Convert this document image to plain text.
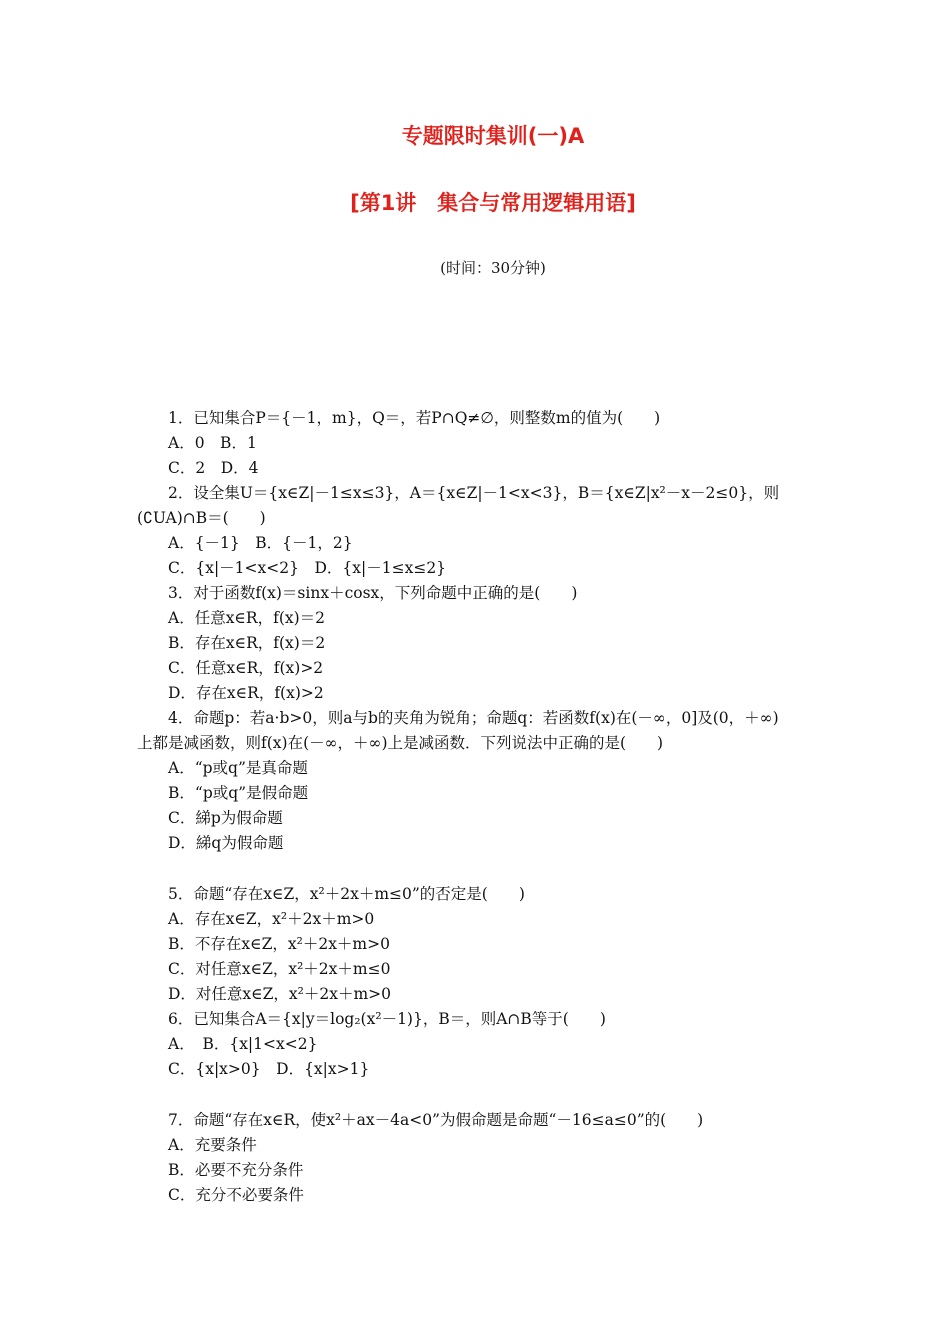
专题限时集训(一)A
[第1讲　集合与常用逻辑用语]
(时间：30分钟)
1．已知集合P＝{－1，m}，Q＝，若P∩Q≠∅，则整数m的值为(　　)
A．0　B．1
C．2　D．4
2．设全集U＝{x∈Z|－1≤x≤3}，A＝{x∈Z|－1<x<3}，B＝{x∈Z|x²－x－2≤0}，则
(∁UA)∩B＝(　　)
A．{－1}　B．{－1，2}
C．{x|－1<x<2}　D．{x|－1≤x≤2}
3．对于函数f(x)＝sinx＋cosx，下列命题中正确的是(　　)
A．任意x∈R，f(x)＝2
B．存在x∈R，f(x)＝2
C．任意x∈R，f(x)>2
D．存在x∈R，f(x)>2
4．命题p：若a·b>0，则a与b的夹角为锐角；命题q：若函数f(x)在(－∞，0]及(0，＋∞)
上都是减函数，则f(x)在(－∞，＋∞)上是减函数．下列说法中正确的是(　　)
A．“p或q”是真命题
B．“p或q”是假命题
C．綈p为假命题
D．綈q为假命题
5．命题“存在x∈Z，x²＋2x＋m≤0”的否定是(　　)
A．存在x∈Z，x²＋2x＋m>0
B．不存在x∈Z，x²＋2x＋m>0
C．对任意x∈Z，x²＋2x＋m≤0
D．对任意x∈Z，x²＋2x＋m>0
6．已知集合A＝{x|y＝log₂(x²－1)}，B＝，则A∩B等于(　　)
A．　B．{x|1<x<2}
C．{x|x>0}　D．{x|x>1}
7．命题“存在x∈R，使x²＋ax－4a<0”为假命题是命题“－16≤a≤0”的(　　)
A．充要条件
B．必要不充分条件
C．充分不必要条件
